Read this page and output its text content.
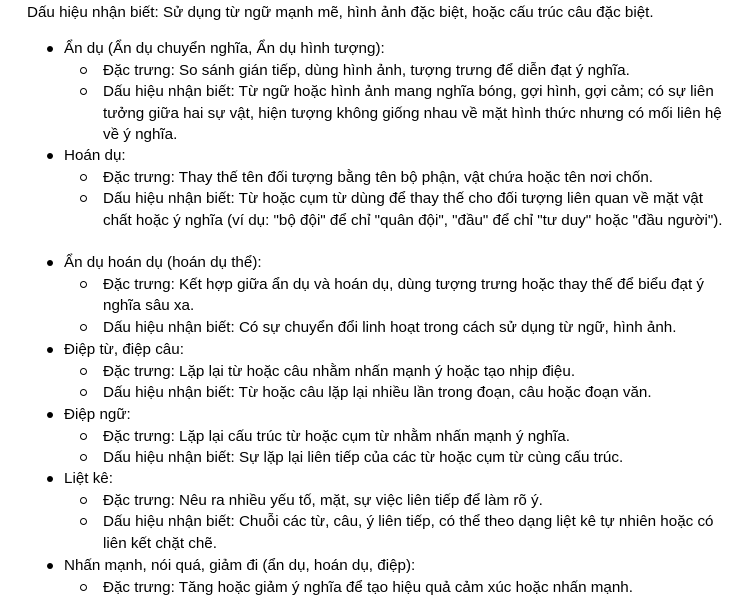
Dấu hiệu nhận biết: Sử dụng từ ngữ mạnh mẽ, hình ảnh đặc biệt, hoặc cấu trúc câu đặc biệt.
Ẩn dụ (Ẩn dụ chuyển nghĩa, Ẩn dụ hình tượng):
Đặc trưng: So sánh gián tiếp, dùng hình ảnh, tượng trưng để diễn đạt ý nghĩa.
Dấu hiệu nhận biết: Từ ngữ hoặc hình ảnh mang nghĩa bóng, gợi hình, gợi cảm; có sự liên tưởng giữa hai sự vật, hiện tượng không giống nhau về mặt hình thức nhưng có mối liên hệ về ý nghĩa.
Hoán dụ:
Đặc trưng: Thay thế tên đối tượng bằng tên bộ phận, vật chứa hoặc tên nơi chốn.
Dấu hiệu nhận biết: Từ hoặc cụm từ dùng để thay thế cho đối tượng liên quan về mặt vật chất hoặc ý nghĩa (ví dụ: "bộ đội" để chỉ "quân đội", "đầu" để chỉ "tư duy" hoặc "đầu người").
Ẩn dụ hoán dụ (hoán dụ thể):
Đặc trưng: Kết hợp giữa ẩn dụ và hoán dụ, dùng tượng trưng hoặc thay thế để biểu đạt ý nghĩa sâu xa.
Dấu hiệu nhận biết: Có sự chuyển đổi linh hoạt trong cách sử dụng từ ngữ, hình ảnh.
Điệp từ, điệp câu:
Đặc trưng: Lặp lại từ hoặc câu nhằm nhấn mạnh ý hoặc tạo nhịp điệu.
Dấu hiệu nhận biết: Từ hoặc câu lặp lại nhiều lần trong đoạn, câu hoặc đoạn văn.
Điệp ngữ:
Đặc trưng: Lặp lại cấu trúc từ hoặc cụm từ nhằm nhấn mạnh ý nghĩa.
Dấu hiệu nhận biết: Sự lặp lại liên tiếp của các từ hoặc cụm từ cùng cấu trúc.
Liệt kê:
Đặc trưng: Nêu ra nhiều yếu tố, mặt, sự việc liên tiếp để làm rõ ý.
Dấu hiệu nhận biết: Chuỗi các từ, câu, ý liên tiếp, có thể theo dạng liệt kê tự nhiên hoặc có liên kết chặt chẽ.
Nhấn mạnh, nói quá, giảm đi (ẩn dụ, hoán dụ, điệp):
Đặc trưng: Tăng hoặc giảm ý nghĩa để tạo hiệu quả cảm xúc hoặc nhấn mạnh.
